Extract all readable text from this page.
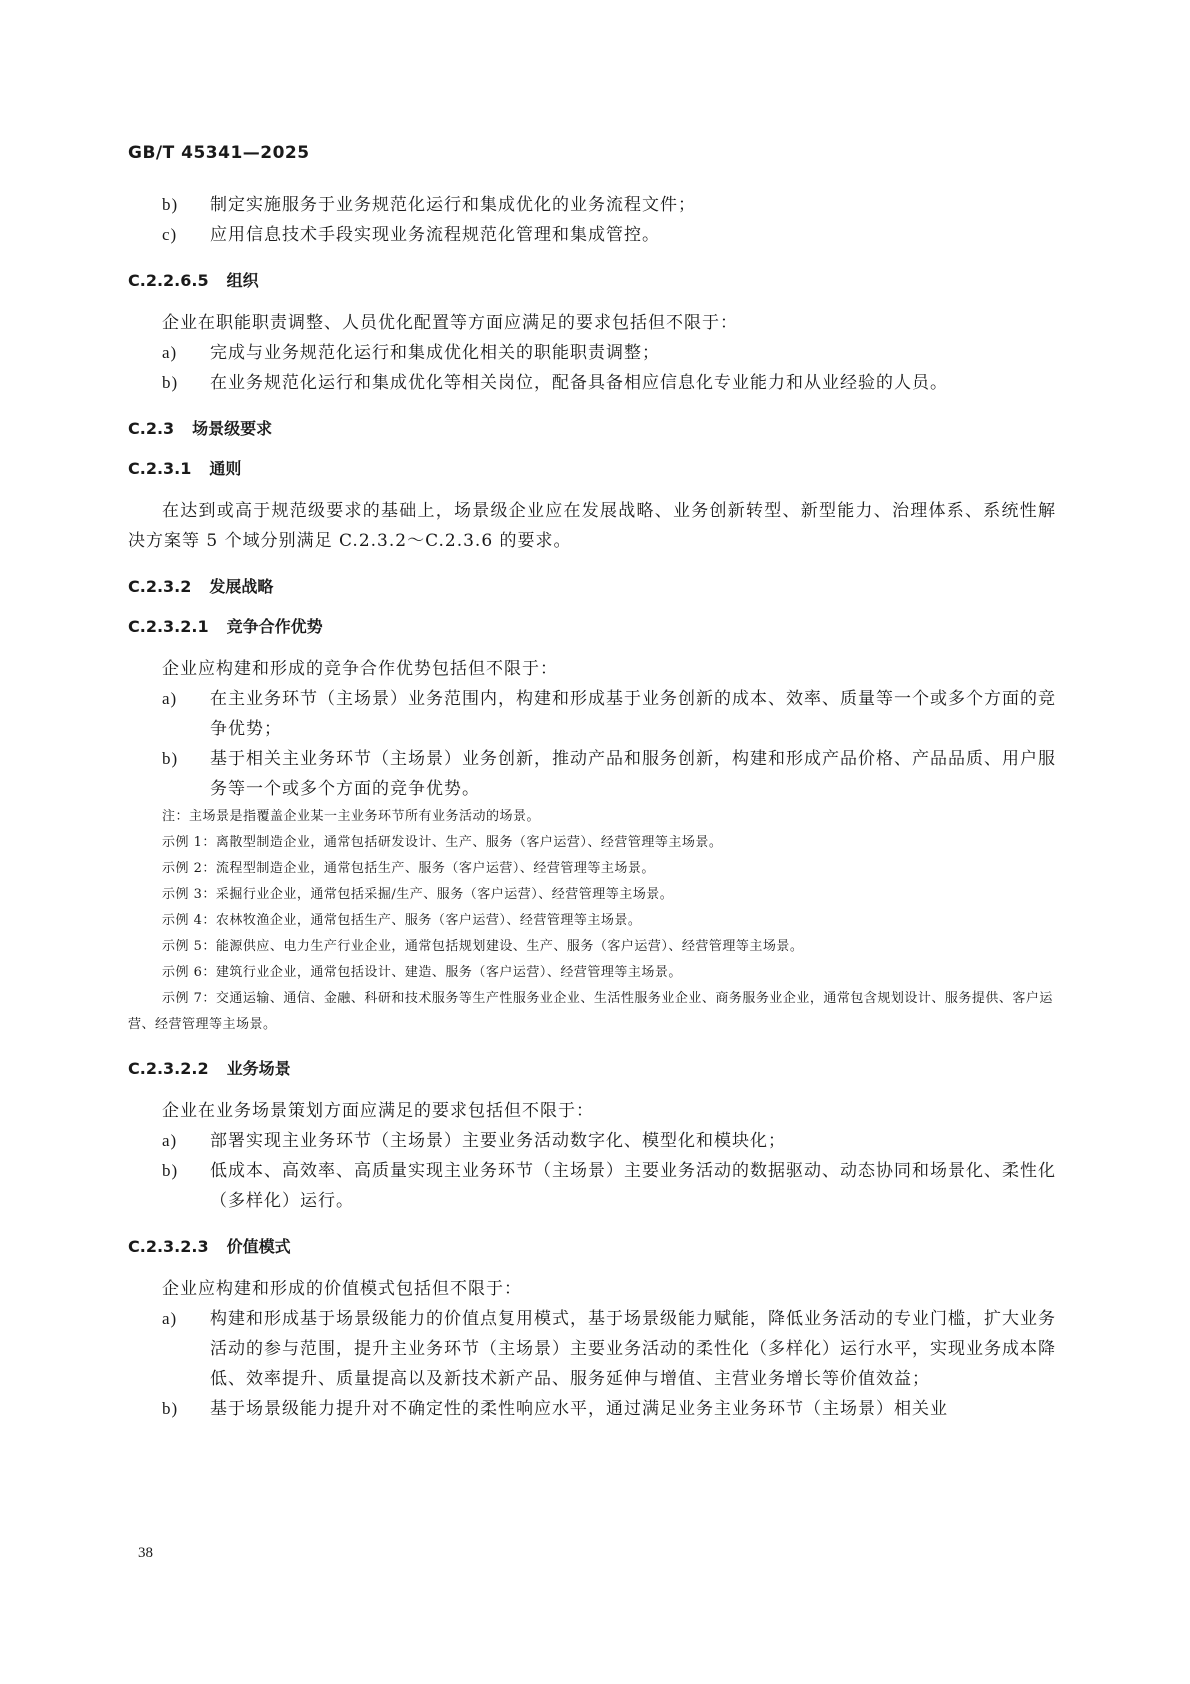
GB/T 45341—2025
b) 制定实施服务于业务规范化运行和集成优化的业务流程文件；
c) 应用信息技术手段实现业务流程规范化管理和集成管控。
C.2.2.6.5 组织
企业在职能职责调整、人员优化配置等方面应满足的要求包括但不限于：
a) 完成与业务规范化运行和集成优化相关的职能职责调整；
b) 在业务规范化运行和集成优化等相关岗位，配备具备相应信息化专业能力和从业经验的人员。
C.2.3 场景级要求
C.2.3.1 通则
在达到或高于规范级要求的基础上，场景级企业应在发展战略、业务创新转型、新型能力、治理体系、系统性解决方案等 5 个域分别满足 C.2.3.2～C.2.3.6 的要求。
C.2.3.2 发展战略
C.2.3.2.1 竞争合作优势
企业应构建和形成的竞争合作优势包括但不限于：
a) 在主业务环节（主场景）业务范围内，构建和形成基于业务创新的成本、效率、质量等一个或多个方面的竞争优势；
b) 基于相关主业务环节（主场景）业务创新，推动产品和服务创新，构建和形成产品价格、产品品质、用户服务等一个或多个方面的竞争优势。
注：主场景是指覆盖企业某一主业务环节所有业务活动的场景。
示例 1：离散型制造企业，通常包括研发设计、生产、服务（客户运营）、经营管理等主场景。
示例 2：流程型制造企业，通常包括生产、服务（客户运营）、经营管理等主场景。
示例 3：采掘行业企业，通常包括采掘/生产、服务（客户运营）、经营管理等主场景。
示例 4：农林牧渔企业，通常包括生产、服务（客户运营）、经营管理等主场景。
示例 5：能源供应、电力生产行业企业，通常包括规划建设、生产、服务（客户运营）、经营管理等主场景。
示例 6：建筑行业企业，通常包括设计、建造、服务（客户运营）、经营管理等主场景。
示例 7：交通运输、通信、金融、科研和技术服务等生产性服务业企业、生活性服务业企业、商务服务业企业，通常包含规划设计、服务提供、客户运营、经营管理等主场景。
C.2.3.2.2 业务场景
企业在业务场景策划方面应满足的要求包括但不限于：
a) 部署实现主业务环节（主场景）主要业务活动数字化、模型化和模块化；
b) 低成本、高效率、高质量实现主业务环节（主场景）主要业务活动的数据驱动、动态协同和场景化、柔性化（多样化）运行。
C.2.3.2.3 价值模式
企业应构建和形成的价值模式包括但不限于：
a) 构建和形成基于场景级能力的价值点复用模式，基于场景级能力赋能，降低业务活动的专业门槛，扩大业务活动的参与范围，提升主业务环节（主场景）主要业务活动的柔性化（多样化）运行水平，实现业务成本降低、效率提升、质量提高以及新技术新产品、服务延伸与增值、主营业务增长等价值效益；
b) 基于场景级能力提升对不确定性的柔性响应水平，通过满足业务主业务环节（主场景）相关业
38
